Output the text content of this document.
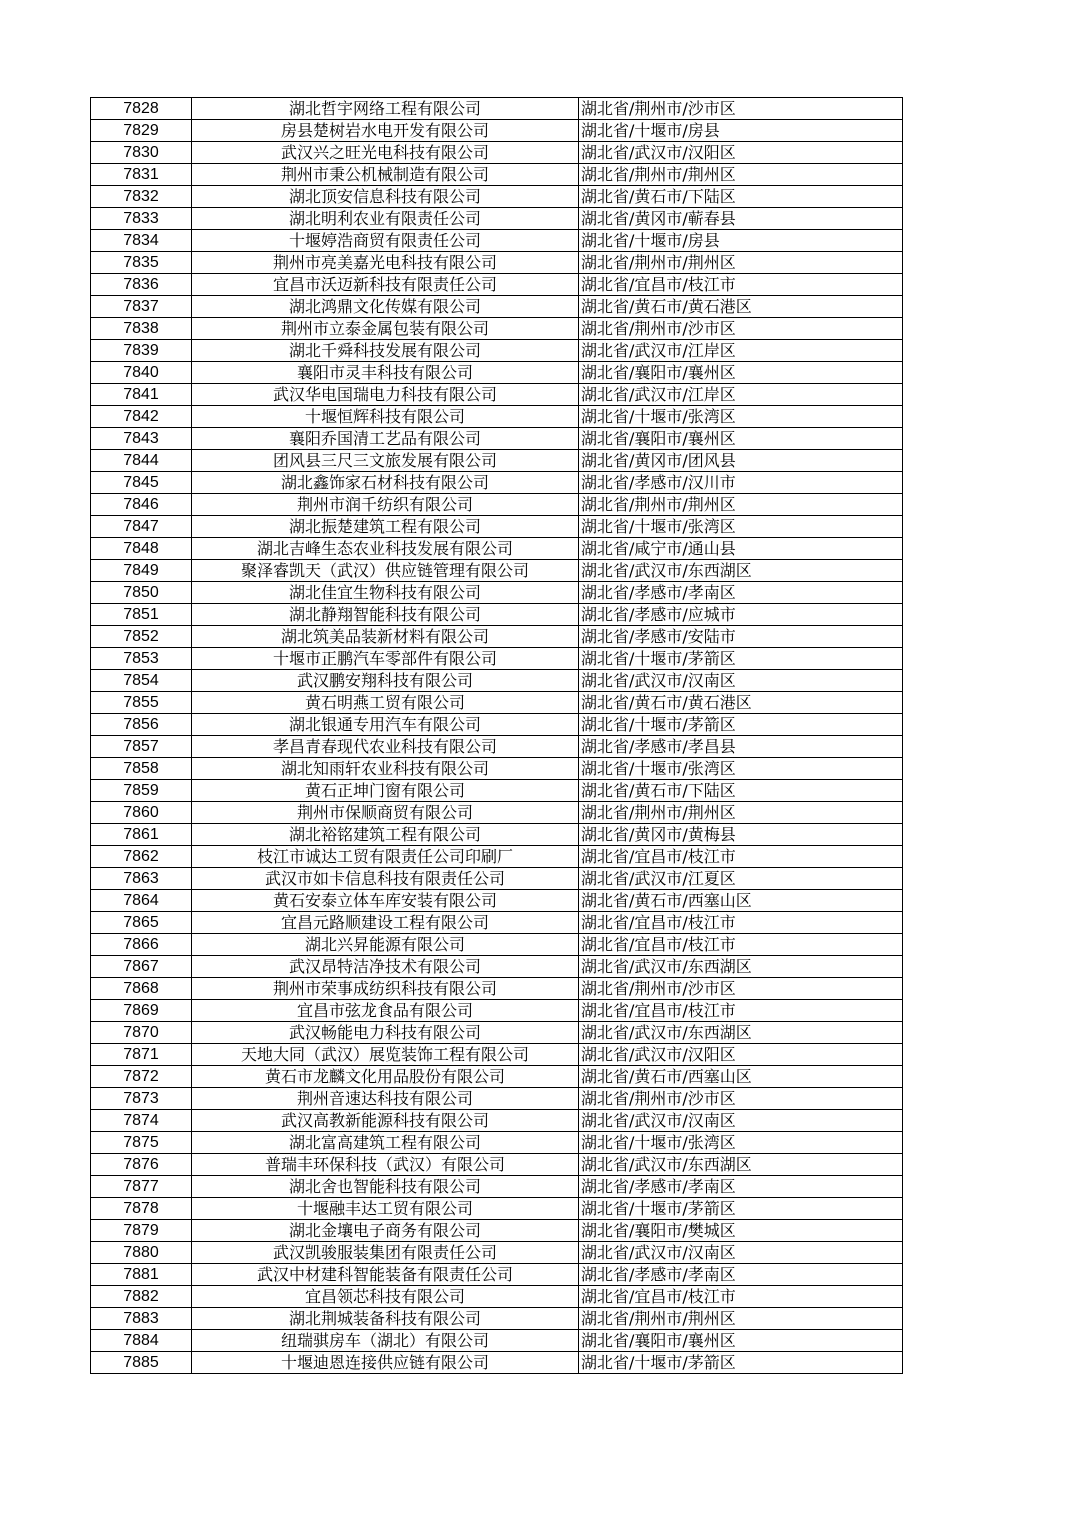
7828	湖北哲宇网络工程有限公司	湖北省/荆州市/沙市区
7829	房县楚树岩水电开发有限公司	湖北省/十堰市/房县
7830	武汉兴之旺光电科技有限公司	湖北省/武汉市/汉阳区
7831	荆州市秉公机械制造有限公司	湖北省/荆州市/荆州区
7832	湖北顶安信息科技有限公司	湖北省/黄石市/下陆区
7833	湖北明利农业有限责任公司	湖北省/黄冈市/蕲春县
7834	十堰婷浩商贸有限责任公司	湖北省/十堰市/房县
7835	荆州市亮美嘉光电科技有限公司	湖北省/荆州市/荆州区
7836	宜昌市沃迈新科技有限责任公司	湖北省/宜昌市/枝江市
7837	湖北鸿鼎文化传媒有限公司	湖北省/黄石市/黄石港区
7838	荆州市立泰金属包装有限公司	湖北省/荆州市/沙市区
7839	湖北千舜科技发展有限公司	湖北省/武汉市/江岸区
7840	襄阳市灵丰科技有限公司	湖北省/襄阳市/襄州区
7841	武汉华电国瑞电力科技有限公司	湖北省/武汉市/江岸区
7842	十堰恒辉科技有限公司	湖北省/十堰市/张湾区
7843	襄阳乔国清工艺品有限公司	湖北省/襄阳市/襄州区
7844	团风县三尺三文旅发展有限公司	湖北省/黄冈市/团风县
7845	湖北鑫饰家石材科技有限公司	湖北省/孝感市/汉川市
7846	荆州市润千纺织有限公司	湖北省/荆州市/荆州区
7847	湖北振楚建筑工程有限公司	湖北省/十堰市/张湾区
7848	湖北吉峰生态农业科技发展有限公司	湖北省/咸宁市/通山县
7849	聚泽睿凯天（武汉）供应链管理有限公司	湖北省/武汉市/东西湖区
7850	湖北佳宜生物科技有限公司	湖北省/孝感市/孝南区
7851	湖北静翔智能科技有限公司	湖北省/孝感市/应城市
7852	湖北筑美品装新材料有限公司	湖北省/孝感市/安陆市
7853	十堰市正鹏汽车零部件有限公司	湖北省/十堰市/茅箭区
7854	武汉鹏安翔科技有限公司	湖北省/武汉市/汉南区
7855	黄石明燕工贸有限公司	湖北省/黄石市/黄石港区
7856	湖北银通专用汽车有限公司	湖北省/十堰市/茅箭区
7857	孝昌青春现代农业科技有限公司	湖北省/孝感市/孝昌县
7858	湖北知雨轩农业科技有限公司	湖北省/十堰市/张湾区
7859	黄石正坤门窗有限公司	湖北省/黄石市/下陆区
7860	荆州市保顺商贸有限公司	湖北省/荆州市/荆州区
7861	湖北裕铭建筑工程有限公司	湖北省/黄冈市/黄梅县
7862	枝江市诚达工贸有限责任公司印刷厂	湖北省/宜昌市/枝江市
7863	武汉市如卡信息科技有限责任公司	湖北省/武汉市/江夏区
7864	黄石安泰立体车库安装有限公司	湖北省/黄石市/西塞山区
7865	宜昌元路顺建设工程有限公司	湖北省/宜昌市/枝江市
7866	湖北兴昇能源有限公司	湖北省/宜昌市/枝江市
7867	武汉昂特洁净技术有限公司	湖北省/武汉市/东西湖区
7868	荆州市荣事成纺织科技有限公司	湖北省/荆州市/沙市区
7869	宜昌市弦龙食品有限公司	湖北省/宜昌市/枝江市
7870	武汉畅能电力科技有限公司	湖北省/武汉市/东西湖区
7871	天地大同（武汉）展览装饰工程有限公司	湖北省/武汉市/汉阳区
7872	黄石市龙麟文化用品股份有限公司	湖北省/黄石市/西塞山区
7873	荆州音速达科技有限公司	湖北省/荆州市/沙市区
7874	武汉高教新能源科技有限公司	湖北省/武汉市/汉南区
7875	湖北富高建筑工程有限公司	湖北省/十堰市/张湾区
7876	普瑞丰环保科技（武汉）有限公司	湖北省/武汉市/东西湖区
7877	湖北舍也智能科技有限公司	湖北省/孝感市/孝南区
7878	十堰融丰达工贸有限公司	湖北省/十堰市/茅箭区
7879	湖北金壤电子商务有限公司	湖北省/襄阳市/樊城区
7880	武汉凯骏服装集团有限责任公司	湖北省/武汉市/汉南区
7881	武汉中材建科智能装备有限责任公司	湖北省/孝感市/孝南区
7882	宜昌领芯科技有限公司	湖北省/宜昌市/枝江市
7883	湖北荆城装备科技有限公司	湖北省/荆州市/荆州区
7884	纽瑞骐房车（湖北）有限公司	湖北省/襄阳市/襄州区
7885	十堰迪恩连接供应链有限公司	湖北省/十堰市/茅箭区
